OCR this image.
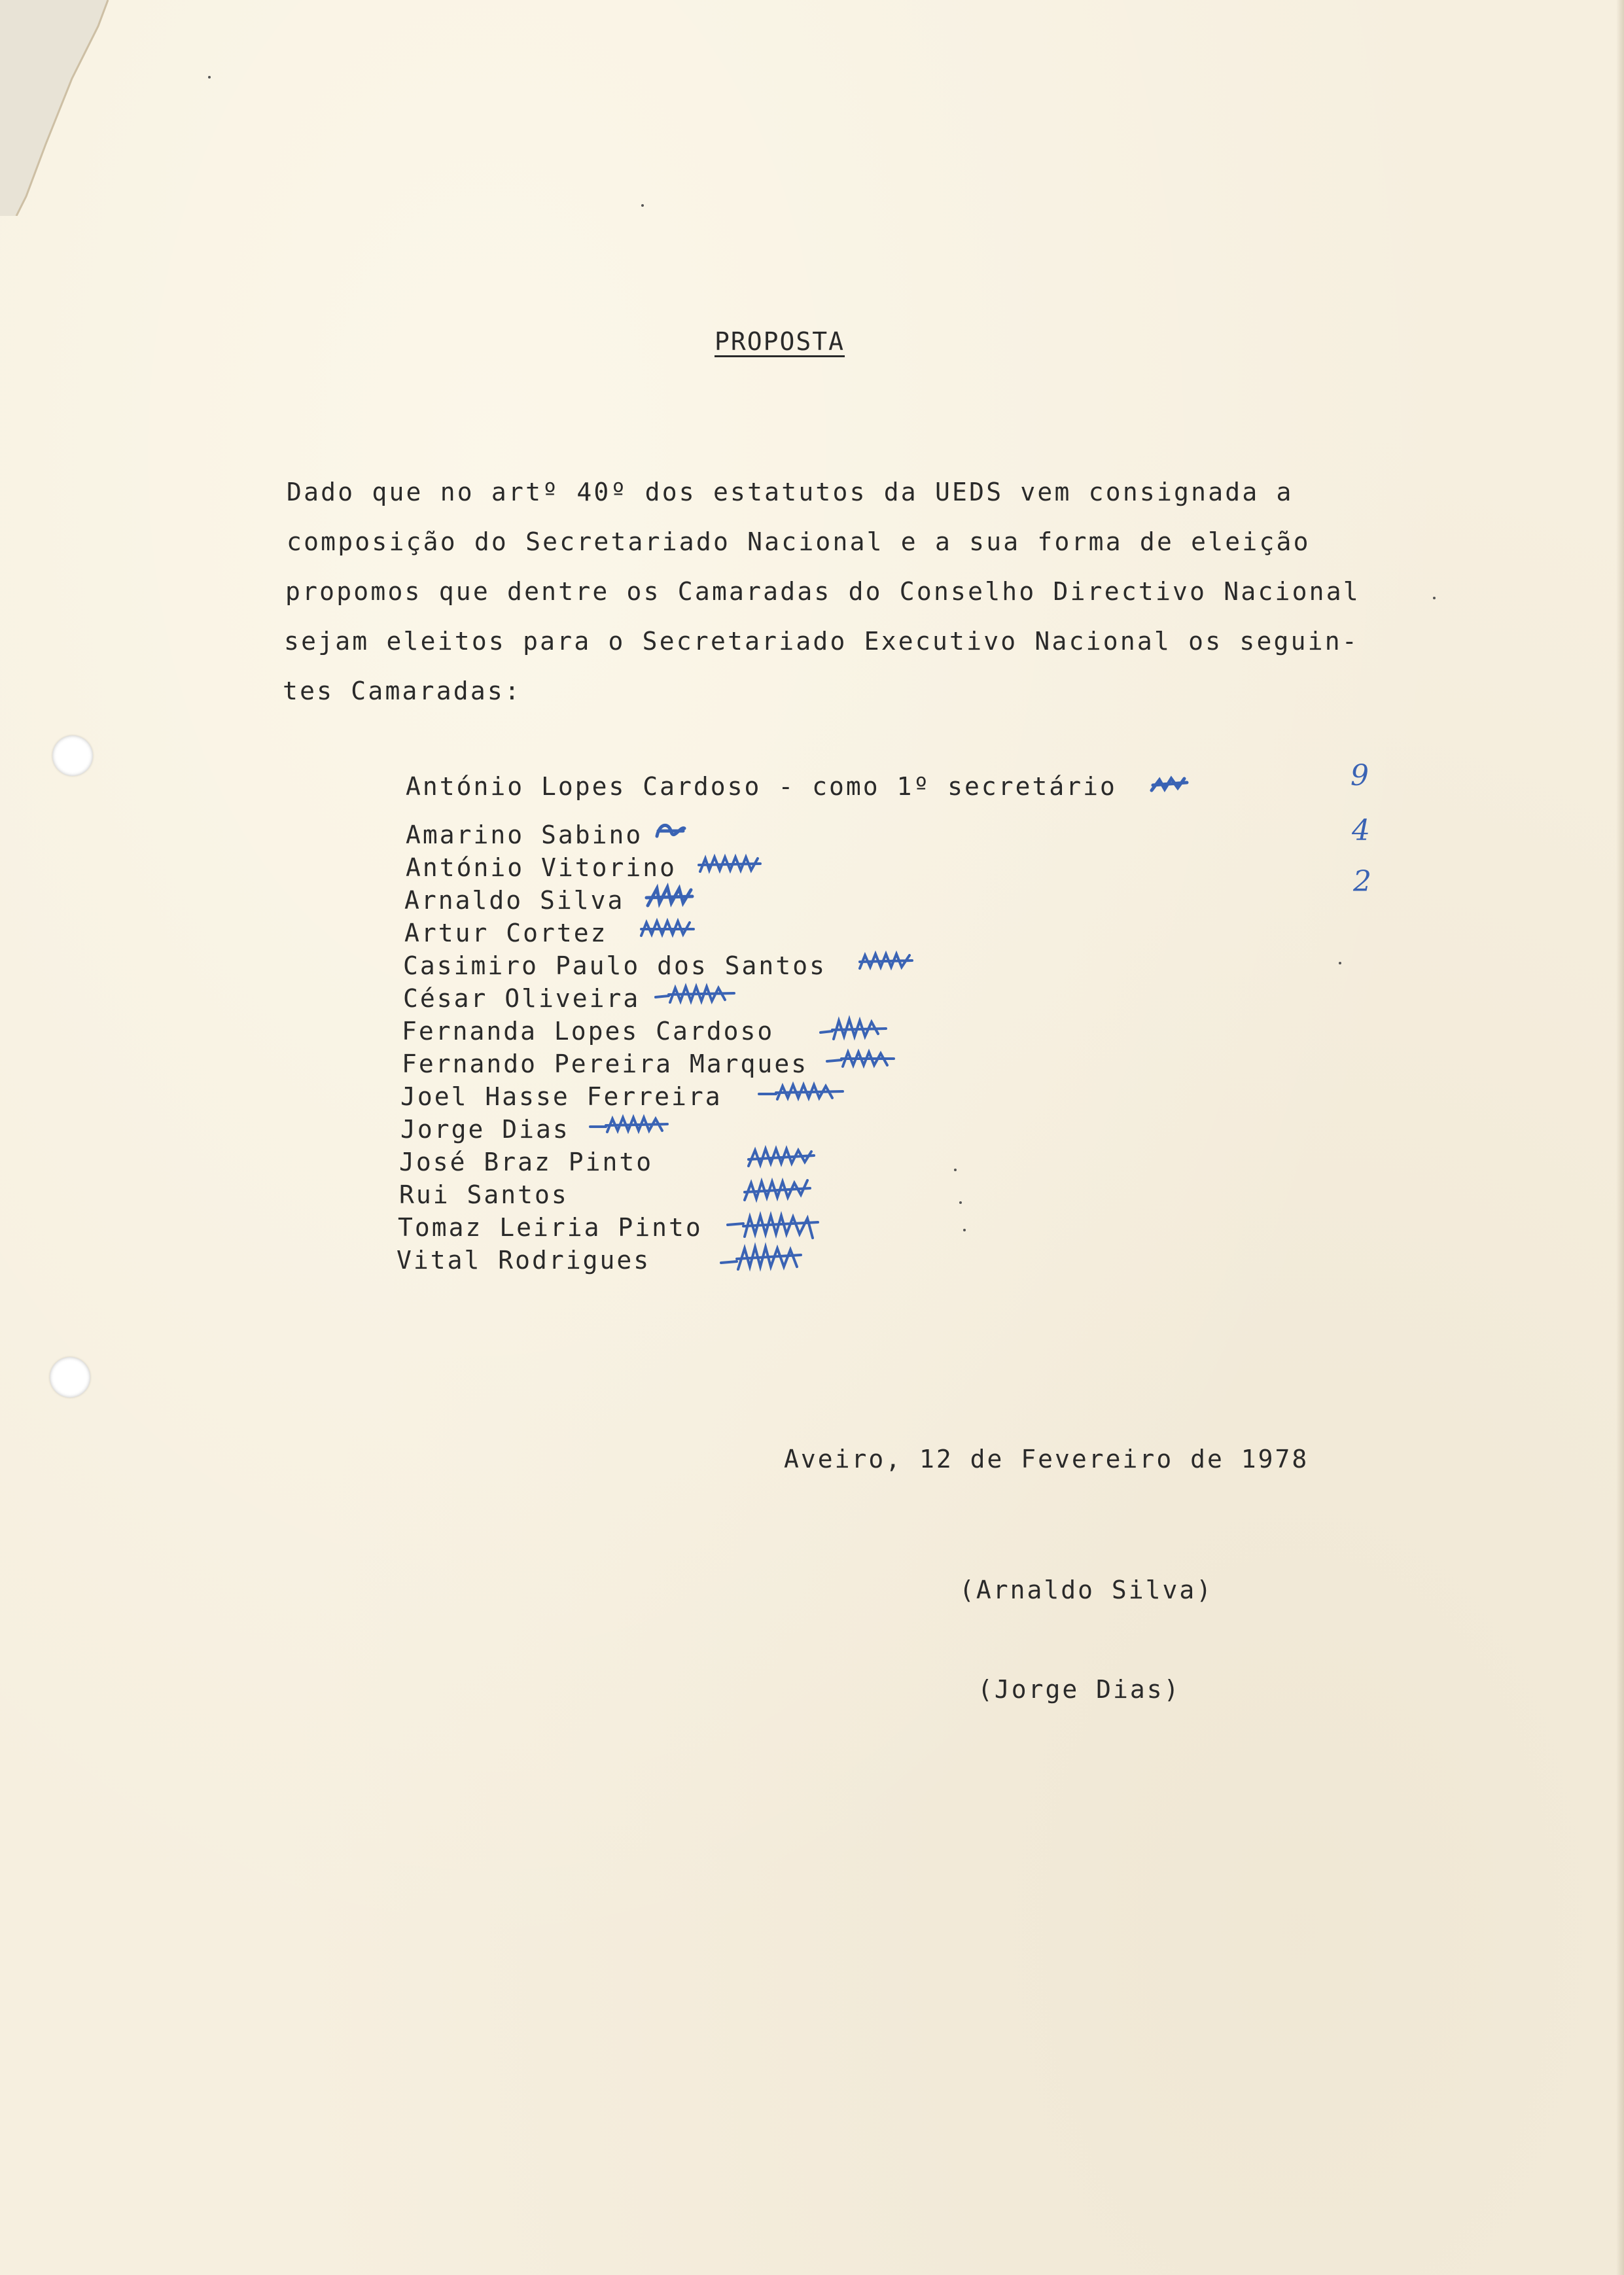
PROPOSTA
Dado que no artº 40º dos estatutos da UEDS vem consignada a
composição do Secretariado Nacional e a sua forma de eleição
propomos que dentre os Camaradas do Conselho Directivo Nacional
sejam eleitos para o Secretariado Executivo Nacional os seguin-
tes Camaradas:
António Lopes Cardoso - como 1º secretário
Amarino Sabino
António Vitorino
Arnaldo Silva
Artur Cortez
Casimiro Paulo dos Santos
César Oliveira
Fernanda Lopes Cardoso
Fernando Pereira Marques
Joel Hasse Ferreira
Jorge Dias
José Braz Pinto
Rui Santos
Tomaz Leiria Pinto
Vital Rodrigues
9
4
2
Aveiro, 12 de Fevereiro de 1978
(Arnaldo Silva)
(Jorge Dias)
